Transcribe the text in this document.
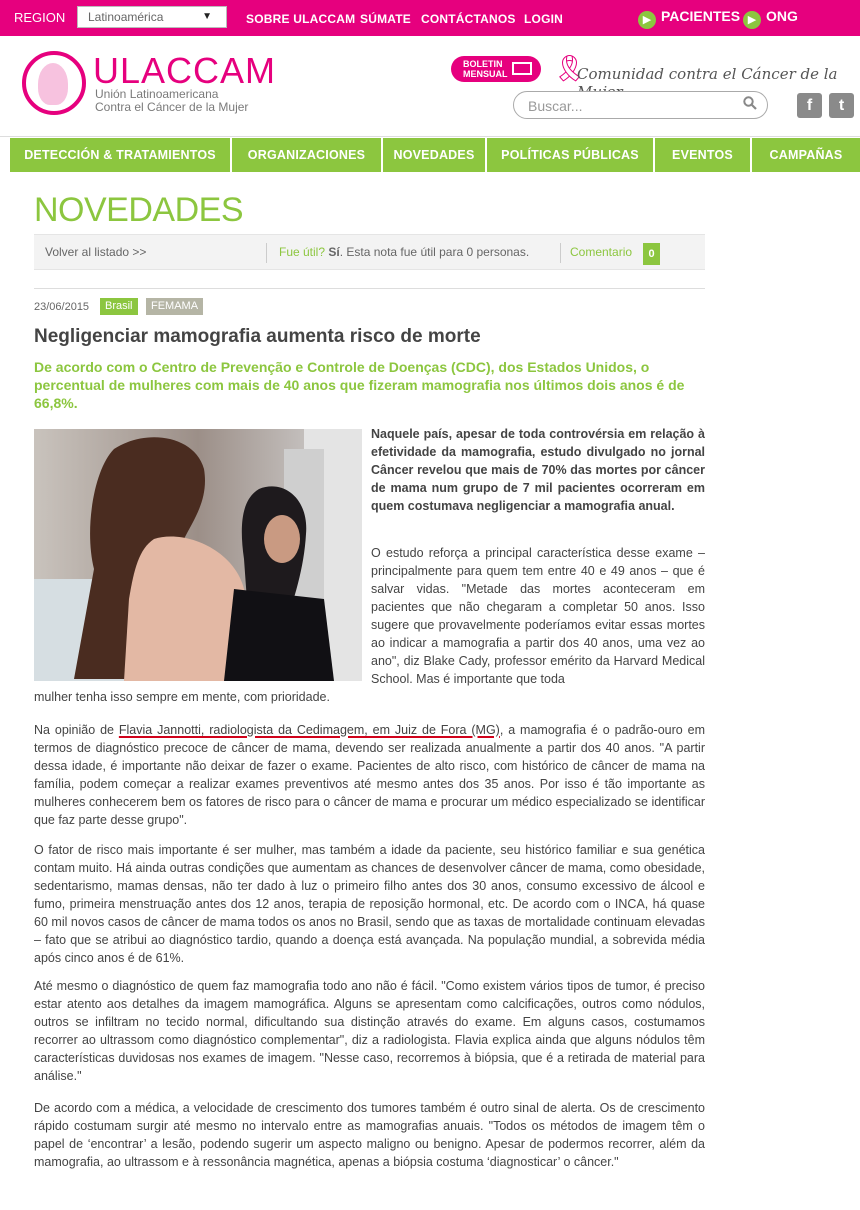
REGION	Latinoamérica	▼	SOBRE ULACCAM SÚMATE CONTÁCTANOS LOGIN	▶ PACIENTES ▶ ONG
ULACCAM
Unión Latinoamericana
Contra el Cáncer de la Mujer
BOLETIN
MENSUAL	🎗
Comunidad contra el Cáncer de la
Buscar...
f	t
DETECCIÓN & TRATAMIENTOS	ORGANIZACIONES	NOVEDADES	POLÍTICAS PÚBLICAS	EVENTOS	CAMPAÑAS
NOVEDADES
Volver al listado >>	Fue útil? Sí. Esta nota fue útil para 0 personas.	Comentario	0
23/06/2015	Brasil	FEMAMA
Negligenciar mamografia aumenta risco de morte
De acordo com o Centro de Prevenção e Controle de Doenças (CDC), dos Estados Unidos, o percentual de mulheres com mais de 40 anos que fizeram mamografia nos últimos dois anos é de 66,8%.
Naquele país, apesar de toda controvérsia em relação à efetividade da mamografia, estudo divulgado no jornal Câncer revelou que mais de 70% das mortes por câncer de mama num grupo de 7 mil pacientes ocorreram em quem costumava negligenciar a mamografia anual.
O estudo reforça a principal característica desse exame – principalmente para quem tem entre 40 e 49 anos – que é salvar vidas. "Metade das mortes aconteceram em pacientes que não chegaram a completar 50 anos. Isso sugere que provavelmente poderíamos evitar essas mortes ao indicar a mamografia a partir dos 40 anos, uma vez ao ano", diz Blake Cady, professor emérito da Harvard Medical School. Mas é importante que toda
mulher tenha isso sempre em mente, com prioridade.
Na opinião de Flavia Jannotti, radiologista da Cedimagem, em Juiz de Fora (MG), a mamografia é o padrão-ouro em termos de diagnóstico precoce de câncer de mama, devendo ser realizada anualmente a partir dos 40 anos. "A partir dessa idade, é importante não deixar de fazer o exame. Pacientes de alto risco, com histórico de câncer de mama na família, podem começar a realizar exames preventivos até mesmo antes dos 35 anos. Por isso é tão importante as mulheres conhecerem bem os fatores de risco para o câncer de mama e procurar um médico especializado se identificar que faz parte desse grupo".
O fator de risco mais importante é ser mulher, mas também a idade da paciente, seu histórico familiar e sua genética contam muito. Há ainda outras condições que aumentam as chances de desenvolver câncer de mama, como obesidade, sedentarismo, mamas densas, não ter dado à luz o primeiro filho antes dos 30 anos, consumo excessivo de álcool e fumo, primeira menstruação antes dos 12 anos, terapia de reposição hormonal, etc. De acordo com o INCA, há quase 60 mil novos casos de câncer de mama todos os anos no Brasil, sendo que as taxas de mortalidade continuam elevadas – fato que se atribui ao diagnóstico tardio, quando a doença está avançada. Na população mundial, a sobrevida média após cinco anos é de 61%.
Até mesmo o diagnóstico de quem faz mamografia todo ano não é fácil. "Como existem vários tipos de tumor, é preciso estar atento aos detalhes da imagem mamográfica. Alguns se apresentam como calcificações, outros como nódulos, outros se infiltram no tecido normal, dificultando sua distinção através do exame. Em alguns casos, costumamos recorrer ao ultrassom como diagnóstico complementar", diz a radiologista. Flavia explica ainda que alguns nódulos têm características duvidosas nos exames de imagem. "Nesse caso, recorremos à biópsia, que é a retirada de material para análise."
De acordo com a médica, a velocidade de crescimento dos tumores também é outro sinal de alerta. Os de crescimento rápido costumam surgir até mesmo no intervalo entre as mamografias anuais. "Todos os métodos de imagem têm o papel de ‘encontrar’ a lesão, podendo sugerir um aspecto maligno ou benigno. Apesar de podermos recorrer, além da mamografia, ao ultrassom e à ressonância magnética, apenas a biópsia costuma ‘diagnosticar’ o câncer."
